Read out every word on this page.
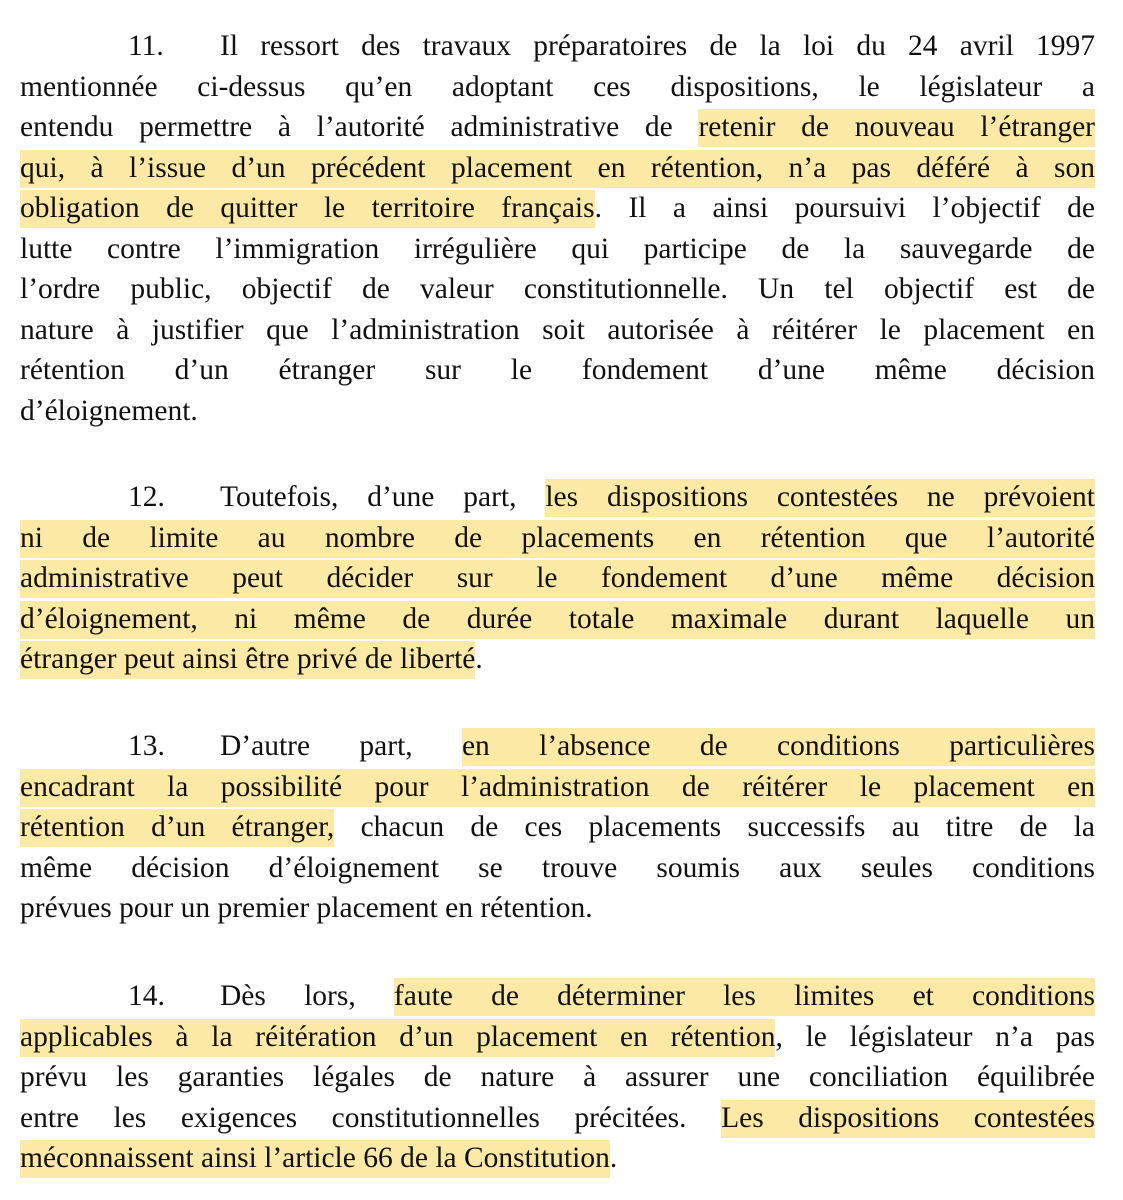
11. Il ressort des travaux préparatoires de la loi du 24 avril 1997
mentionnée ci-dessus qu’en adoptant ces dispositions, le législateur a
entendu permettre à l’autorité administrative de retenir de nouveau l’étranger
qui, à l’issue d’un précédent placement en rétention, n’a pas déféré à son
obligation de quitter le territoire français. Il a ainsi poursuivi l’objectif de
lutte contre l’immigration irrégulière qui participe de la sauvegarde de
l’ordre public, objectif de valeur constitutionnelle. Un tel objectif est de
nature à justifier que l’administration soit autorisée à réitérer le placement en
rétention d’un étranger sur le fondement d’une même décision
d’éloignement.
12. Toutefois, d’une part, les dispositions contestées ne prévoient
ni de limite au nombre de placements en rétention que l’autorité
administrative peut décider sur le fondement d’une même décision
d’éloignement, ni même de durée totale maximale durant laquelle un
étranger peut ainsi être privé de liberté.
13. D’autre part, en l’absence de conditions particulières
encadrant la possibilité pour l’administration de réitérer le placement en
rétention d’un étranger, chacun de ces placements successifs au titre de la
même décision d’éloignement se trouve soumis aux seules conditions
prévues pour un premier placement en rétention.
14. Dès lors, faute de déterminer les limites et conditions
applicables à la réitération d’un placement en rétention, le législateur n’a pas
prévu les garanties légales de nature à assurer une conciliation équilibrée
entre les exigences constitutionnelles précitées. Les dispositions contestées
méconnaissent ainsi l’article 66 de la Constitution.
